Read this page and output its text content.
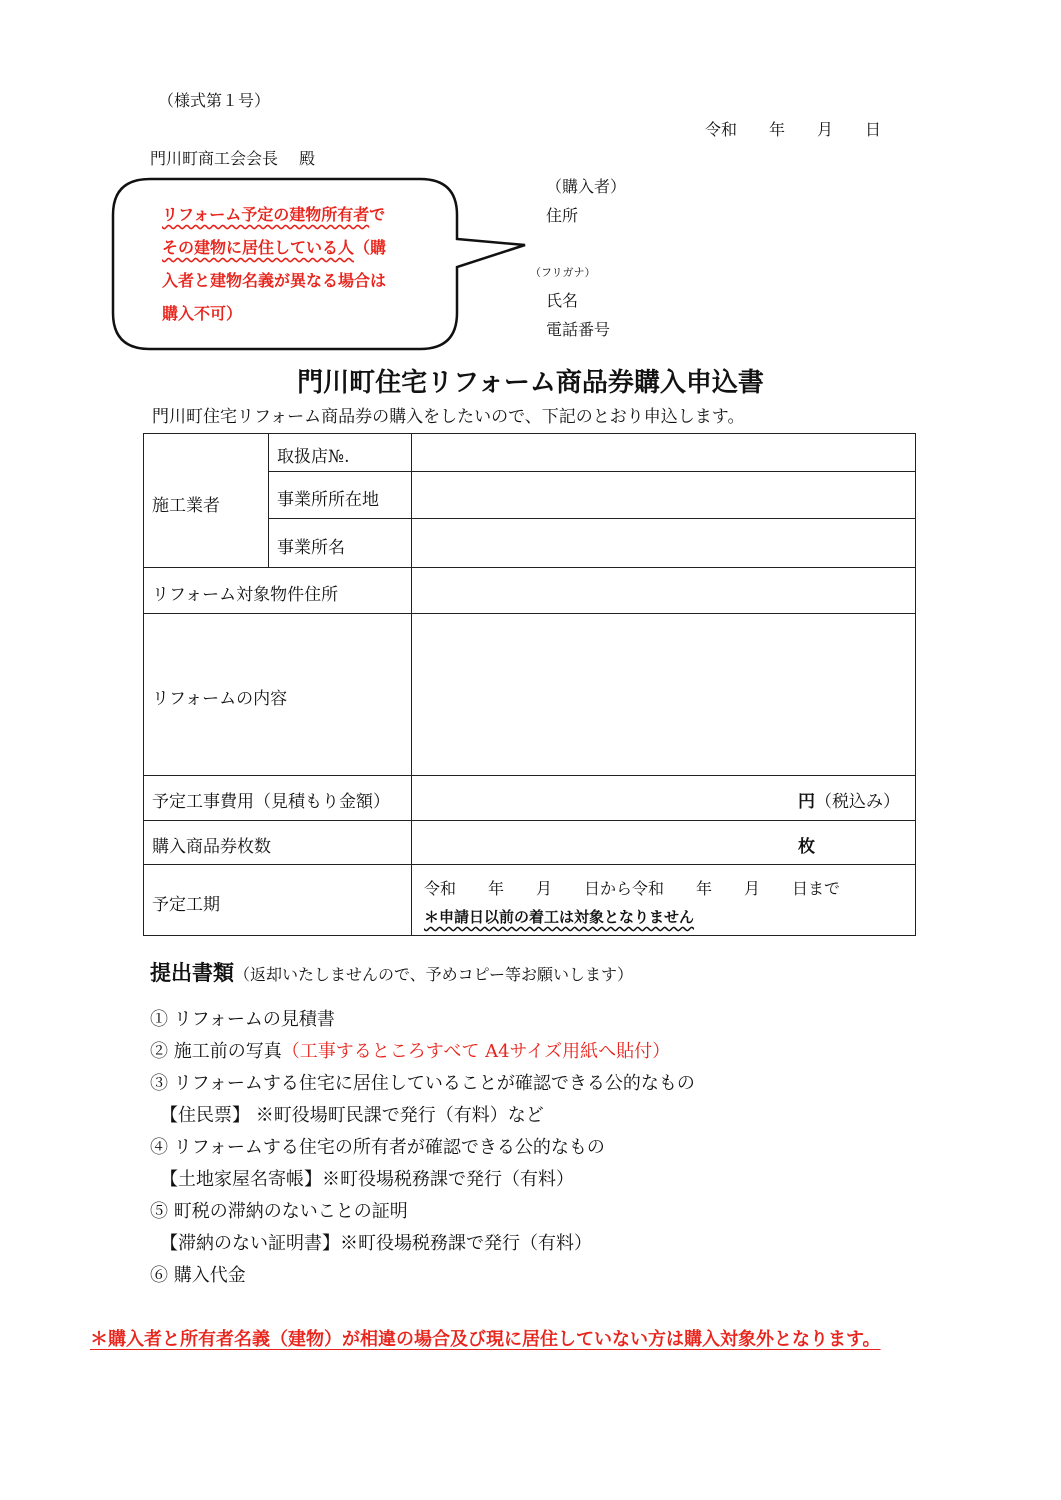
（様式第１号）
令和　　年　　月　　日
門川町商工会会長　 殿
（購入者）
住所
（フリガナ）
氏名
電話番号
リフォーム予定の建物所有者で
その建物に居住している人（購
入者と建物名義が異なる場合は
購入不可）
門川町住宅リフォーム商品券購入申込書
門川町住宅リフォーム商品券の購入をしたいので、下記のとおり申込します。
施工業者
取扱店№.
事業所所在地
事業所名
リフォーム対象物件住所
リフォームの内容
予定工事費用（見積もり金額）
購入商品券枚数
予定工期
円（税込み）
枚
令和　　年　　月　　日から令和　　年　　月　　日まで
＊申請日以前の着工は対象となりません
提出書類（返却いたしませんので、予めコピー等お願いします）
① リフォームの見積書
② 施工前の写真（工事するところすべて A4サイズ用紙へ貼付）
③ リフォームする住宅に居住していることが確認できる公的なもの
【住民票】 ※町役場町民課で発行（有料）など
④ リフォームする住宅の所有者が確認できる公的なもの
【土地家屋名寄帳】※町役場税務課で発行（有料）
⑤ 町税の滞納のないことの証明
【滞納のない証明書】※町役場税務課で発行（有料）
⑥ 購入代金
＊購入者と所有者名義（建物）が相違の場合及び現に居住していない方は購入対象外となります。
